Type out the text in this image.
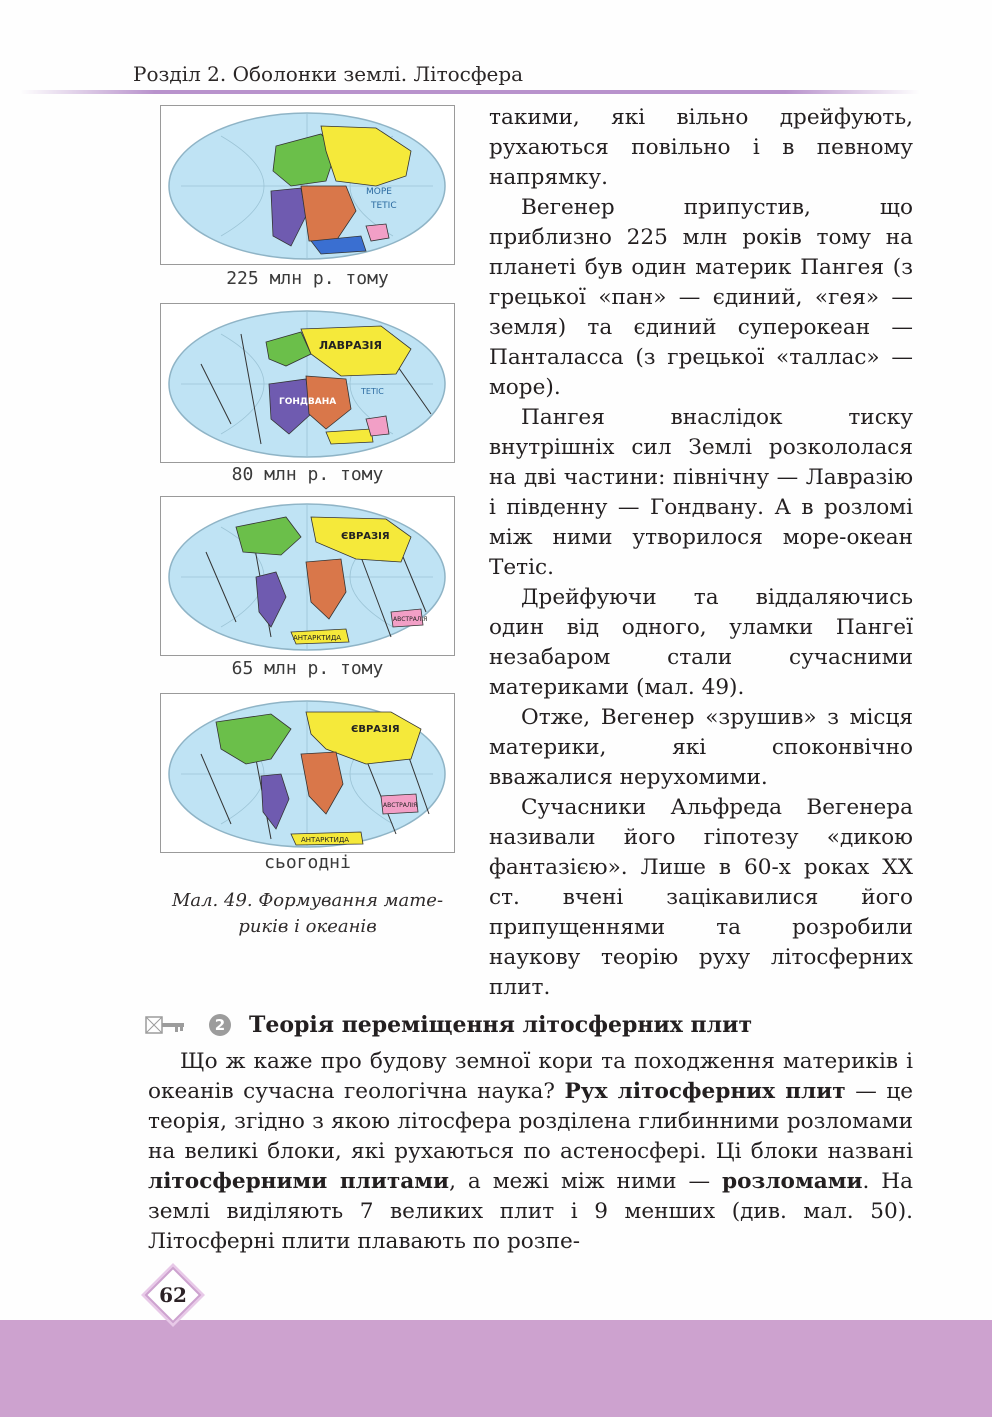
Розділ 2. Оболонки землі. Літосфера
МОРЕ
ТЕТІС
225 млн р. тому
ЛАВРАЗІЯ
ГОНДВАНА
ТЕТІС
80 млн р. тому
ЄВРАЗІЯ
АНТАРКТИДА
АВСТРАЛІЯ
65 млн р. тому
ЄВРАЗІЯ
АВСТРАЛІЯ
АНТАРКТИДА
сьогодні
Мал. 49. Формування мате-
риків і океанів

такими, які вільно дрейфують, рухаються повільно і в певному напрямку.

Вегенер припустив, що приблизно 225 млн років тому на планеті був один материк Пангея (з грецької «пан» — єдиний, «гея» — земля) та єдиний суперокеан — Панталасса (з грецької «таллас» — море).

Пангея внаслідок тиску внутрішніх сил Землі розкололася на дві частини: північну — Лавразію і південну — Гондвану. А в розломі між ними утворилося море-океан Тетіс.

Дрейфуючи та віддаляючись один від одного, уламки Пангеї незабаром стали сучасними материками (мал. 49).

Отже, Вегенер «зрушив» з місця материки, які споконвічно вважалися нерухомими.

Сучасники Альфреда Вегенера називали його гіпотезу «дикою фантазією». Лише в 60-х роках XX ст. вчені зацікавилися його припущеннями та розробили наукову теорію руху літосферних плит.

2 Теорія переміщення літосферних плит

Що ж каже про будову земної кори та походження материків і океанів сучасна геологічна наука? Рух літосферних плит — це теорія, згідно з якою літосфера розділена глибинними розломами на великі блоки, які рухаються по астеносфері. Ці блоки названі літосферними плитами, а межі між ними — розломами. На землі виділяють 7 великих плит і 9 менших (див. мал. 50). Літосферні плити плавають по розпе-

62
